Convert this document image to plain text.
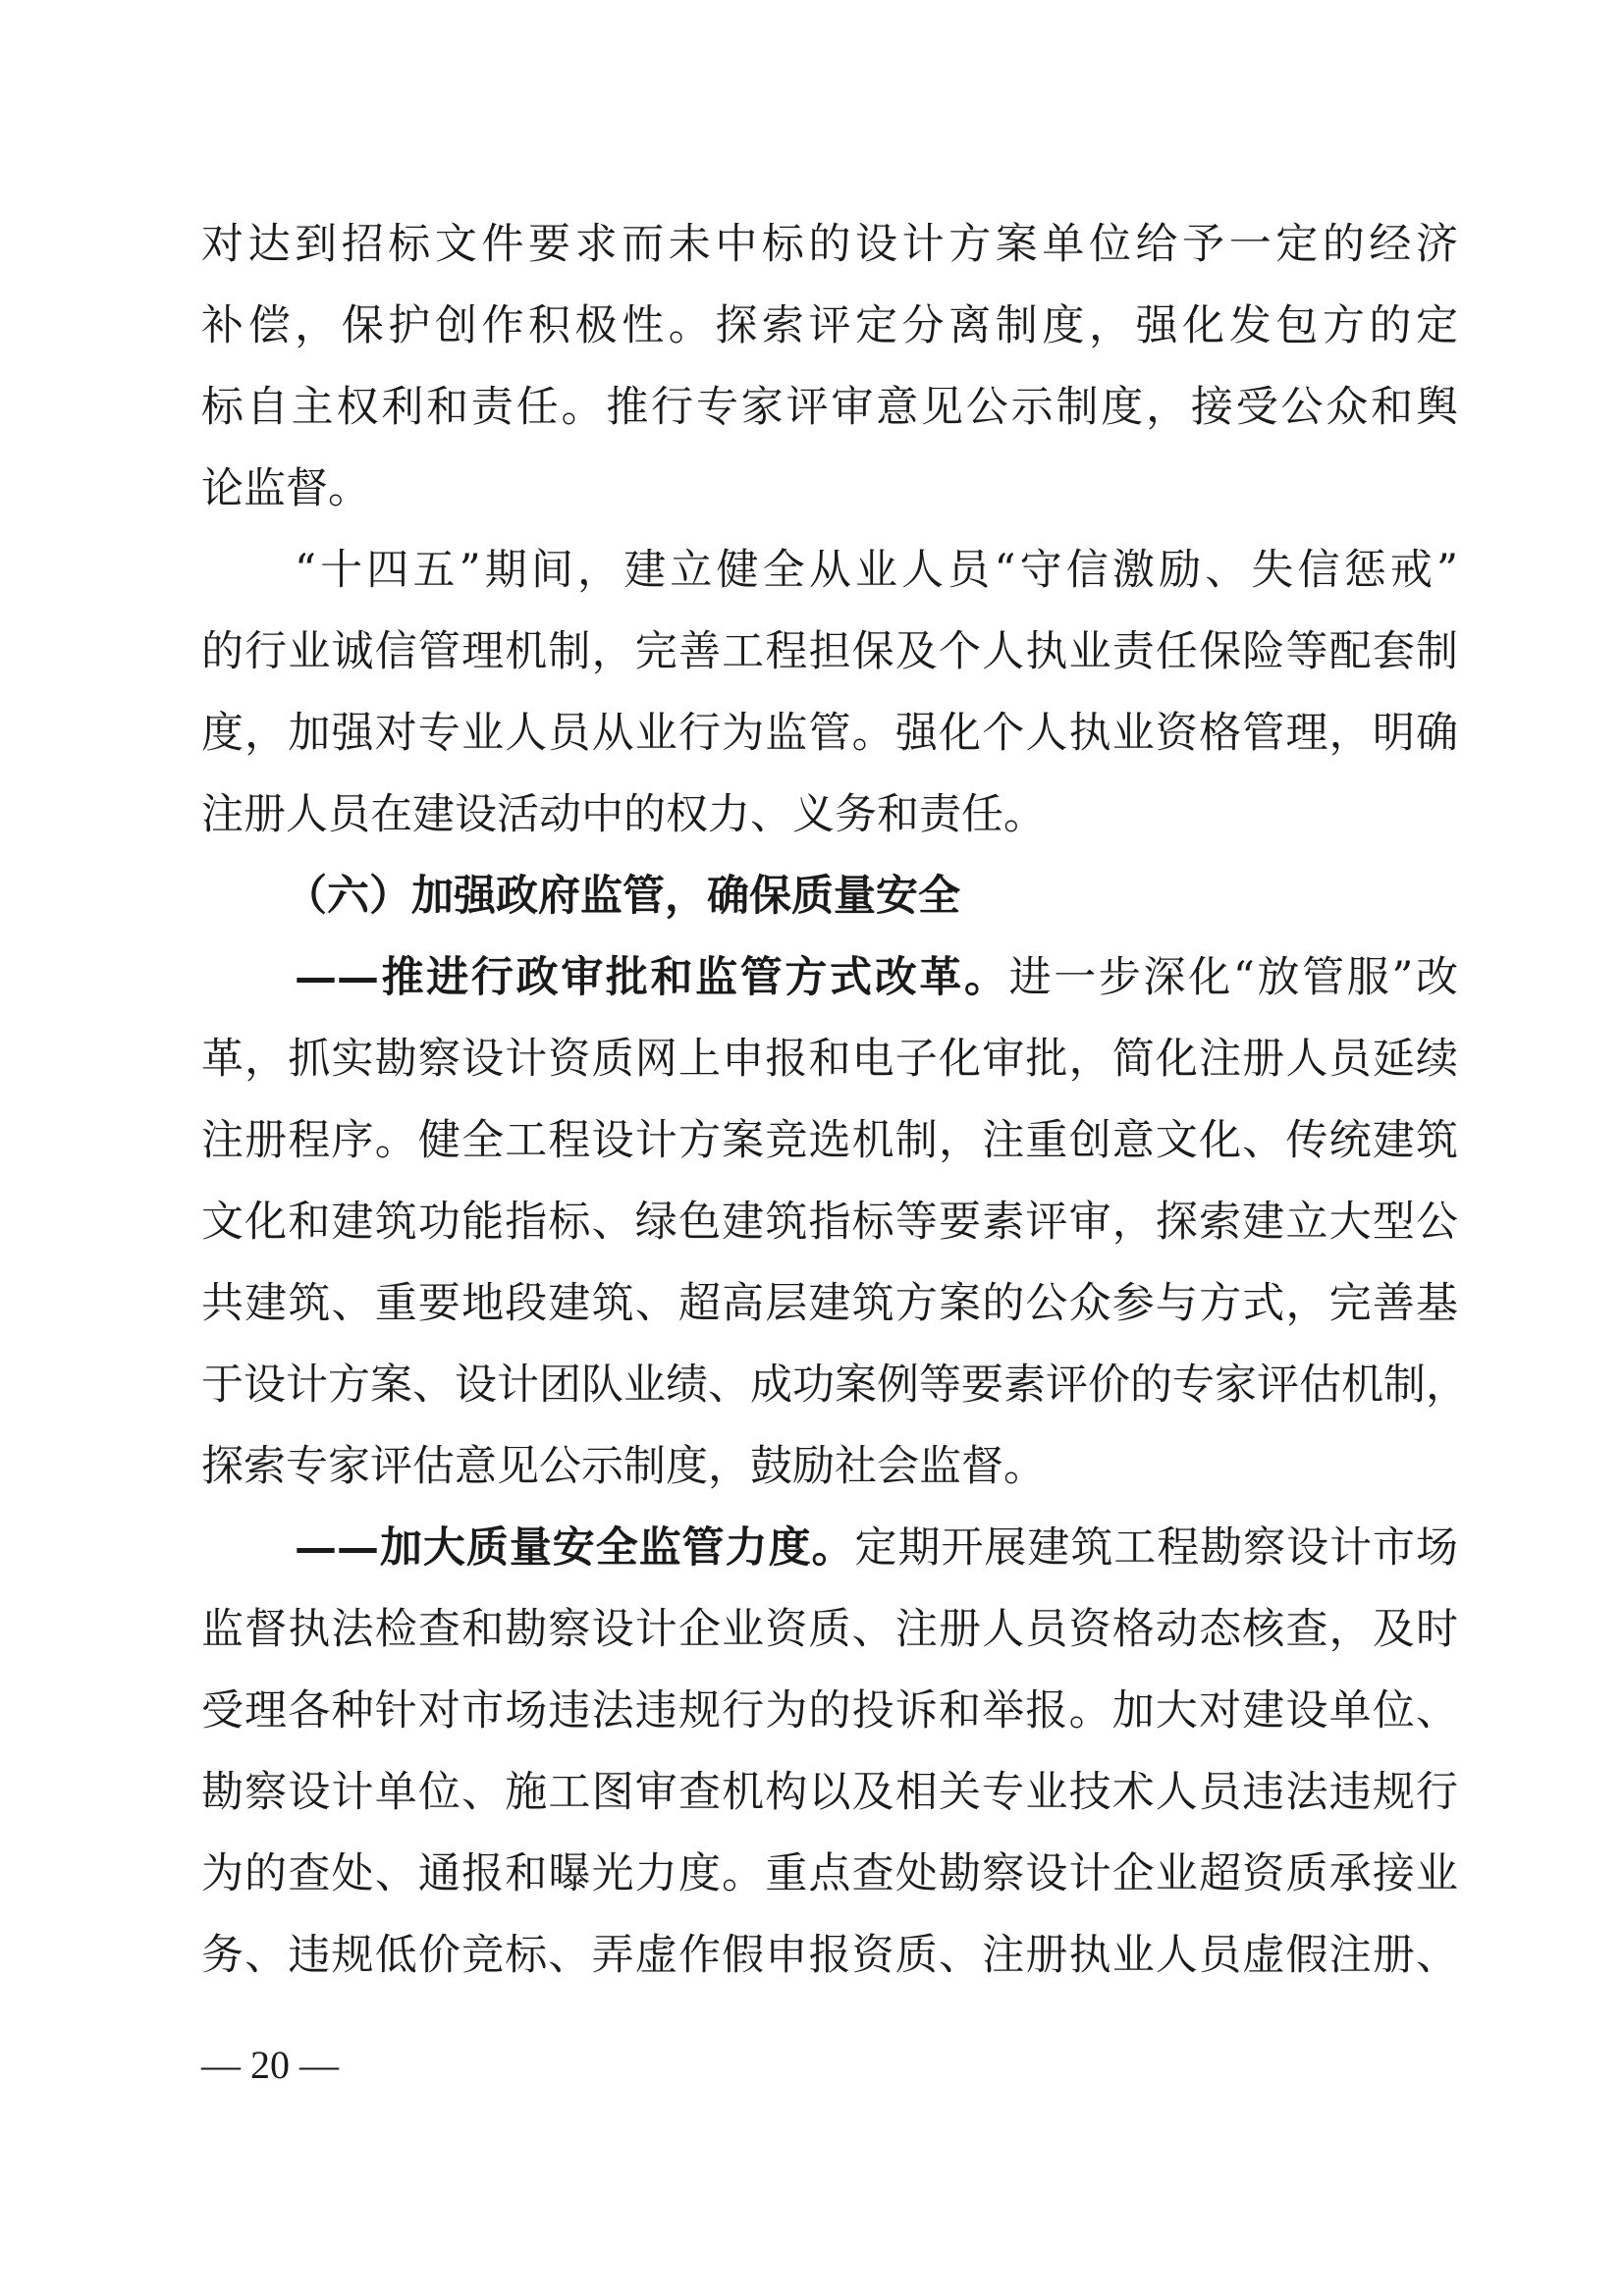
对达到招标文件要求而未中标的设计方案单位给予一定的经济
补偿，保护创作积极性。探索评定分离制度，强化发包方的定
标自主权利和责任。推行专家评审意见公示制度，接受公众和舆
论监督。
“十四五”期间，建立健全从业人员“守信激励、失信惩戒”
的行业诚信管理机制，完善工程担保及个人执业责任保险等配套制
度，加强对专业人员从业行为监管。强化个人执业资格管理，明确
注册人员在建设活动中的权力、义务和责任。
（六）加强政府监管，确保质量安全
——推进行政审批和监管方式改革。进一步深化“放管服”改
革，抓实勘察设计资质网上申报和电子化审批，简化注册人员延续
注册程序。健全工程设计方案竞选机制，注重创意文化、传统建筑
文化和建筑功能指标、绿色建筑指标等要素评审，探索建立大型公
共建筑、重要地段建筑、超高层建筑方案的公众参与方式，完善基
于设计方案、设计团队业绩、成功案例等要素评价的专家评估机制，
探索专家评估意见公示制度，鼓励社会监督。
——加大质量安全监管力度。定期开展建筑工程勘察设计市场
监督执法检查和勘察设计企业资质、注册人员资格动态核查，及时
受理各种针对市场违法违规行为的投诉和举报。加大对建设单位、
勘察设计单位、施工图审查机构以及相关专业技术人员违法违规行
为的查处、通报和曝光力度。重点查处勘察设计企业超资质承接业
务、违规低价竞标、弄虚作假申报资质、注册执业人员虚假注册、
— 20 —
